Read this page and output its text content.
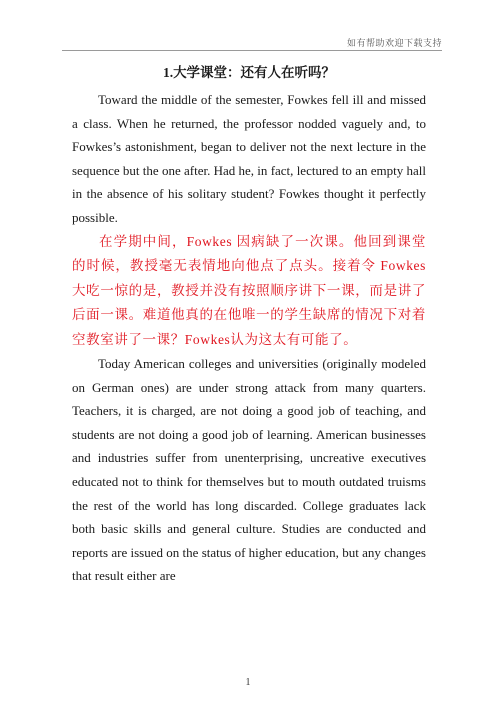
如有帮助欢迎下载支持
1.大学课堂：还有人在听吗？

Toward the middle of the semester, Fowkes fell ill and missed a class. When he returned, the professor nodded vaguely and, to Fowkes’s astonishment, began to deliver not the next lecture in the sequence but the one after. Had he, in fact, lectured to an empty hall in the absence of his solitary student? Fowkes thought it perfectly possible.

在学期中间，Fowkes 因病缺了一次课。他回到课堂的时候，教授毫无表情地向他点了点头。接着令 Fowkes 大吃一惊的是，教授并没有按照顺序讲下一课，而是讲了后面一课。难道他真的在他唯一的学生缺席的情况下对着空教室讲了一课？Fowkes认为这太有可能了。

Today American colleges and universities (originally modeled on German ones) are under strong attack from many quarters. Teachers, it is charged, are not doing a good job of teaching, and students are not doing a good job of learning. American businesses and industries suffer from unenterprising, uncreative executives educated not to think for themselves but to mouth outdated truisms the rest of the world has long discarded. College graduates lack both basic skills and general culture. Studies are conducted and reports are issued on the status of higher education, but any changes that result either are

1
